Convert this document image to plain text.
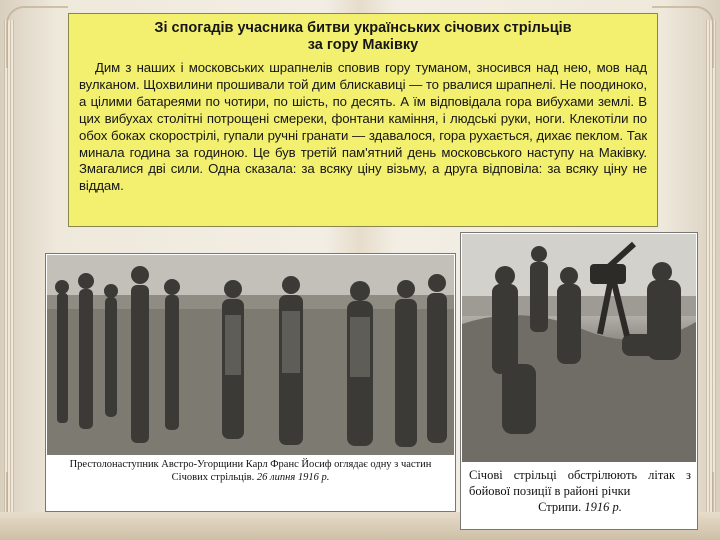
Зі спогадів учасника битви українських січових стрільців
за гору Маківку
Дим з наших і московських шрапнелів сповив гору туманом, зносився над нею, мов над вулканом. Щохвилини прошивали той дим блискавиці — то рвалися шрапнелі. Не поодиноко, а цілими батареями по чотири, по шість, по десять. А їм відповідала гора вибухами землі. В цих вибухах столітні потрощені смереки, фонтани каміння, і людські руки, ноги. Клекотіли по обох боках скорострілі, гупали ручні гранати — здавалося, гора рухається, дихає пеклом. Так минала година за годиною. Це був третій пам'ятний день московського наступу на Маківку. Змагалися дві сили. Одна сказала: за всяку ціну візьму, а друга відповіла: за всяку ціну не віддам.
Престолонаступник Австро-Угорщини Карл Франс Йосиф оглядає одну з частин
Січових стрільців. 26 липня 1916 р.	Січові стрільці обстрілюють літак з бойової позиції в районі річки
Стрипи. 1916 р.
